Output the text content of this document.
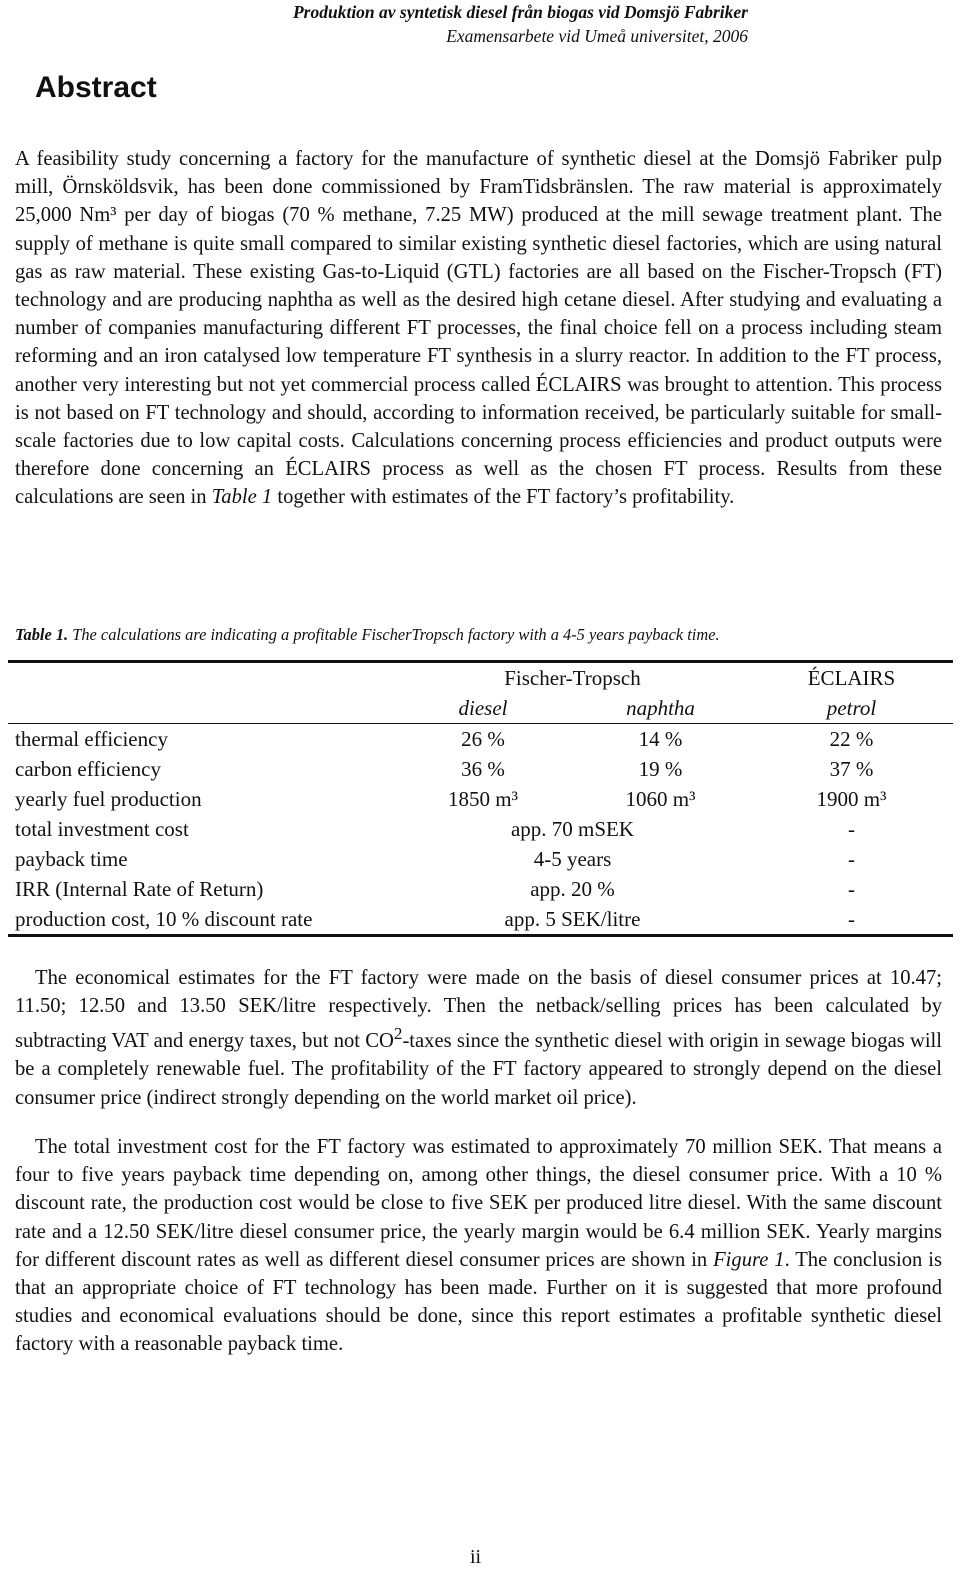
Produktion av syntetisk diesel från biogas vid Domsjö Fabriker
Examensarbete vid Umeå universitet, 2006
Abstract

A feasibility study concerning a factory for the manufacture of synthetic diesel at the Domsjö Fabriker pulp mill, Örnsköldsvik, has been done commissioned by FramTidsbränslen. The raw material is approximately 25,000 Nm³ per day of biogas (70 % methane, 7.25 MW) produced at the mill sewage treatment plant. The supply of methane is quite small compared to similar existing synthetic diesel factories, which are using natural gas as raw material. These existing Gas-to-Liquid (GTL) factories are all based on the Fischer-Tropsch (FT) technology and are producing naphtha as well as the desired high cetane diesel. After studying and evaluating a number of companies manufacturing different FT processes, the final choice fell on a process including steam reforming and an iron catalysed low temperature FT synthesis in a slurry reactor. In addition to the FT process, another very interesting but not yet commercial process called ÉCLAIRS was brought to attention. This process is not based on FT technology and should, according to information received, be particularly suitable for small-scale factories due to low capital costs. Calculations concerning process efficiencies and product outputs were therefore done concerning an ÉCLAIRS process as well as the chosen FT process. Results from these calculations are seen in Table 1 together with estimates of the FT factory’s profitability.

Table 1. The calculations are indicating a profitable FischerTropsch factory with a 4-5 years payback time.
	Fischer-Tropsch		ÉCLAIRS
	diesel	naphtha	petrol
thermal efficiency	26 %	14 %	22 %
carbon efficiency	36 %	19 %	37 %
yearly fuel production	1850 m³	1060 m³	1900 m³
total investment cost	app. 70 mSEK		-
payback time	4-5 years		-
IRR (Internal Rate of Return)	app. 20 %		-
production cost, 10 % discount rate	app. 5 SEK/litre		-

The economical estimates for the FT factory were made on the basis of diesel consumer prices at 10.47; 11.50; 12.50 and 13.50 SEK/litre respectively. Then the netback/selling prices has been calculated by subtracting VAT and energy taxes, but not $CO^2$-taxes since the synthetic diesel with origin in sewage biogas will be a completely renewable fuel. The profitability of the FT factory appeared to strongly depend on the diesel consumer price (indirect strongly depending on the world market oil price).

The total investment cost for the FT factory was estimated to approximately 70 million SEK. That means a four to five years payback time depending on, among other things, the diesel consumer price. With a 10 % discount rate, the production cost would be close to five SEK per produced litre diesel. With the same discount rate and a 12.50 SEK/litre diesel consumer price, the yearly margin would be 6.4 million SEK. Yearly margins for different discount rates as well as different diesel consumer prices are shown in Figure 1. The conclusion is that an appropriate choice of FT technology has been made. Further on it is suggested that more profound studies and economical evaluations should be done, since this report estimates a profitable synthetic diesel factory with a reasonable payback time.

ii
